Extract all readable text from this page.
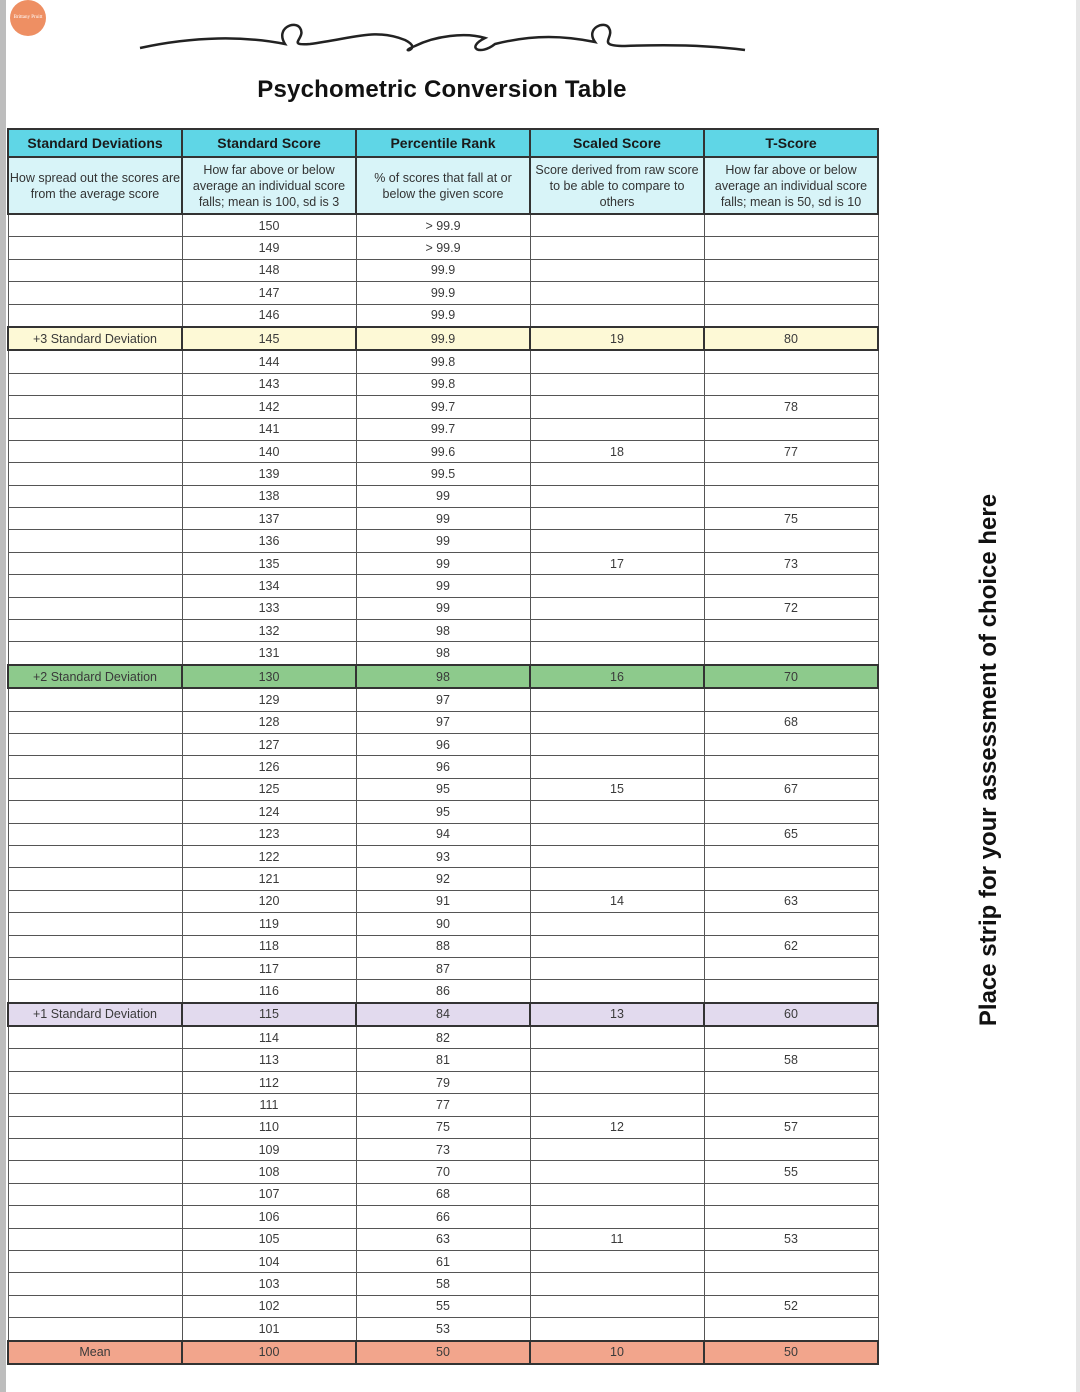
Brittany Pruitt
Psychometric Conversion Table
Standard Deviations	Standard Score	Percentile Rank	Scaled Score	T-Score
How spread out the scores are from the average score	How far above or below average an individual score falls; mean is 100, sd is 3	% of scores that fall at or below the given score	Score derived from raw score to be able to compare to others	How far above or below average an individual score falls; mean is 50, sd is 10
	150	> 99.9		
	149	> 99.9		
	148	99.9		
	147	99.9		
	146	99.9		
+3 Standard Deviation	145	99.9	19	80
	144	99.8		
	143	99.8		
	142	99.7		78
	141	99.7		
	140	99.6	18	77
	139	99.5		
	138	99		
	137	99		75
	136	99		
	135	99	17	73
	134	99		
	133	99		72
	132	98		
	131	98		
+2 Standard Deviation	130	98	16	70
	129	97		
	128	97		68
	127	96		
	126	96		
	125	95	15	67
	124	95		
	123	94		65
	122	93		
	121	92		
	120	91	14	63
	119	90		
	118	88		62
	117	87		
	116	86		
+1 Standard Deviation	115	84	13	60
	114	82		
	113	81		58
	112	79		
	111	77		
	110	75	12	57
	109	73		
	108	70		55
	107	68		
	106	66		
	105	63	11	53
	104	61		
	103	58		
	102	55		52
	101	53		
Mean	100	50	10	50
Place strip for your assessment of choice here
